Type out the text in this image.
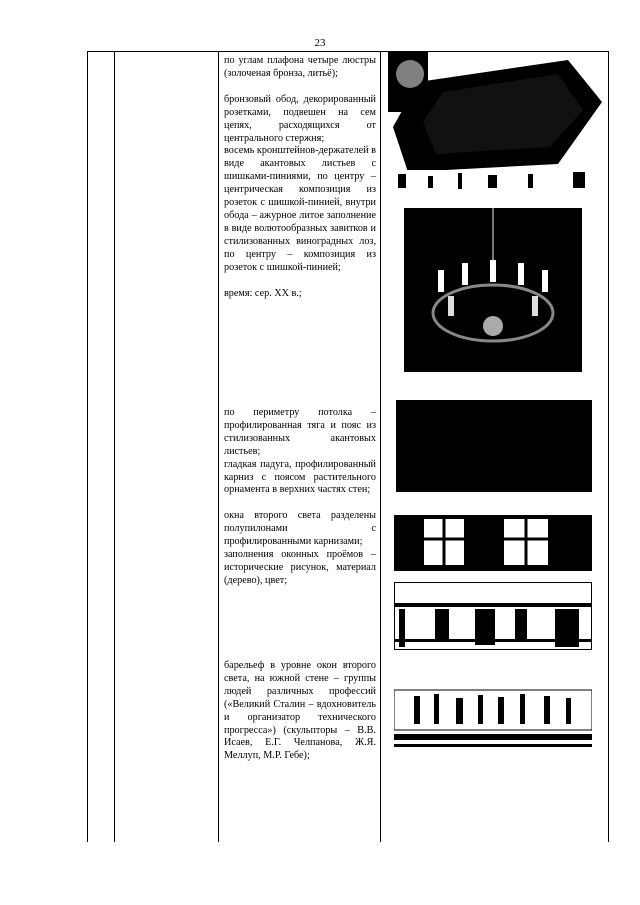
23

по углам плафона четыре люстры (золоченая бронза, литьё);

бронзовый обод, декорированный розетками, подвешен на сем цепях, расходящихся от центрального стержня;

восемь кронштейнов-держателей в виде акантовых листьев с шишками-пиниями, по центру – центрическая композиция из розеток с шишкой-пинией, внутри обода – ажурное литое заполнение в виде волютообразных завитков и стилизованных виноградных лоз, по центру – композиция из розеток с шишкой-пинией;

время: сер. XX в.;

по периметру потолка – профилированная тяга и пояс из стилизованных акантовых листьев;

гладкая падуга, профилированный карниз с поясом растительного орнамента в верхних частях стен;

окна второго света разделены полупилонами с профилированными карнизами;

заполнения оконных проёмов – исторические рисунок, материал (дерево), цвет;

барельеф в уровне окон второго света, на южной стене – группы людей различных профессий («Великий Сталин – вдохновитель и организатор технического прогресса») (скульпторы – В.В. Исаев, Е.Г. Челпанова, Ж.Я. Меллуп, М.Р. Гебе);
